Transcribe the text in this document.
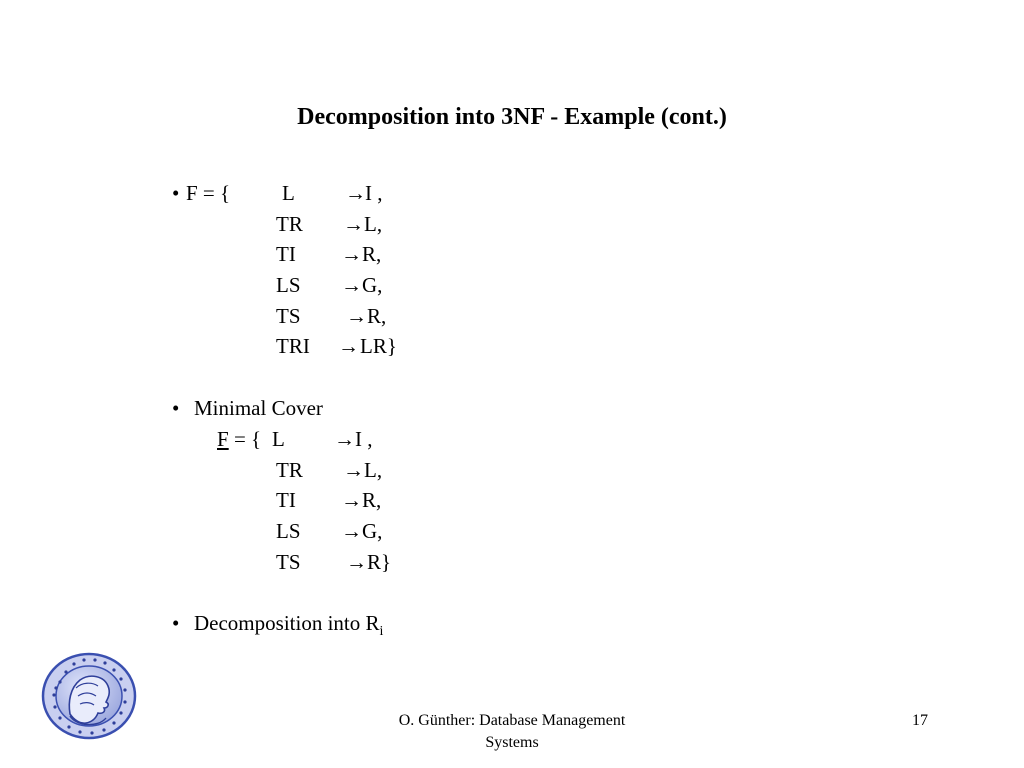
Decomposition into 3NF - Example (cont.)
• F = { L → I ,
TR → L,
TI → R,
LS → G,
TS → R,
TRI → LR}
• Minimal Cover
F = { L → I ,
TR → L,
TI → R,
LS → G,
TS → R}
• Decomposition into $R_i$
O. Günther: Database Management
Systems
17
